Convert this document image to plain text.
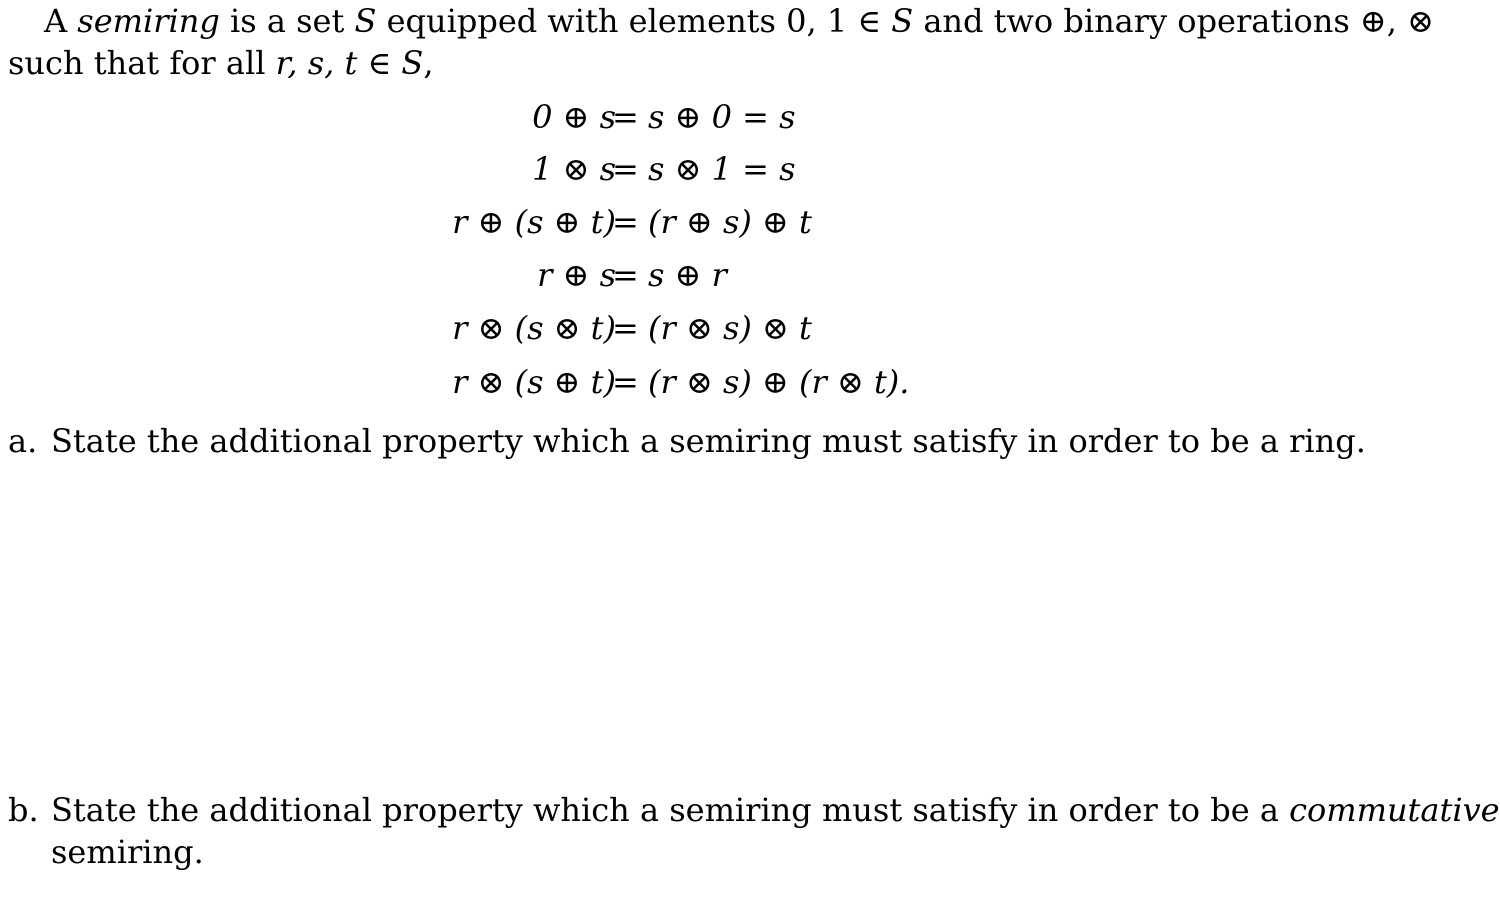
A semiring is a set S equipped with elements 0, 1 ∈ S and two binary operations ⊕, ⊗
such that for all r, s, t ∈ S,
0 ⊕ s
= s ⊕ 0 = s
1 ⊗ s
= s ⊗ 1 = s
r ⊕ (s ⊕ t)
= (r ⊕ s) ⊕ t
r ⊕ s
= s ⊕ r
r ⊗ (s ⊗ t)
= (r ⊗ s) ⊗ t
r ⊗ (s ⊕ t)
= (r ⊗ s) ⊕ (r ⊗ t).
a. State the additional property which a semiring must satisfy in order to be a ring.
b. State the additional property which a semiring must satisfy in order to be a commutative
semiring.
